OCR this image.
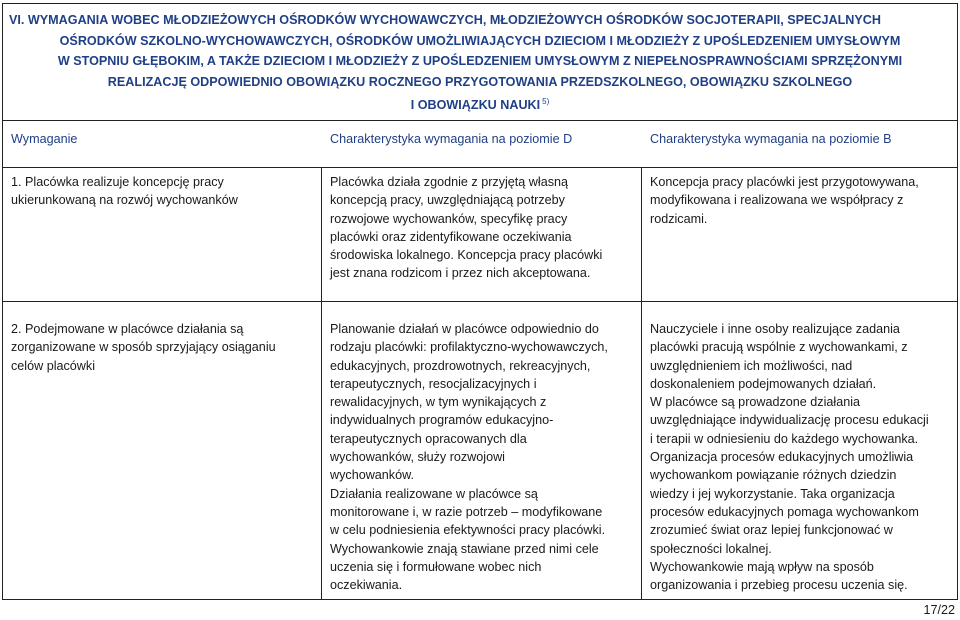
VI. WYMAGANIA WOBEC MŁODZIEŻOWYCH OŚRODKÓW WYCHOWAWCZYCH, MŁODZIEŻOWYCH OŚRODKÓW SOCJOTERAPII, SPECJALNYCH
OŚRODKÓW SZKOLNO-WYCHOWAWCZYCH, OŚRODKÓW UMOŻLIWIAJĄCYCH DZIECIOM I MŁODZIEŻY Z UPOŚLEDZENIEM UMYSŁOWYM
W STOPNIU GŁĘBOKIM, A TAKŻE DZIECIOM I MŁODZIEŻY Z UPOŚLEDZENIEM UMYSŁOWYM Z NIEPEŁNOSPRAWNOŚCIAMI SPRZĘŻONYMI
REALIZACJĘ ODPOWIEDNIO OBOWIĄZKU ROCZNEGO PRZYGOTOWANIA PRZEDSZKOLNEGO, OBOWIĄZKU SZKOLNEGO
I OBOWIĄZKU NAUKI $^{5)}$
Wymaganie	Charakterystyka wymagania na poziomie D	Charakterystyka wymagania na poziomie B
1. Placówka realizuje koncepcję pracy
ukierunkowaną na rozwój wychowanków
Placówka działa zgodnie z przyjętą własną
koncepcją pracy, uwzględniającą potrzeby
rozwojowe wychowanków, specyfikę pracy
placówki oraz zidentyfikowane oczekiwania
środowiska lokalnego. Koncepcja pracy placówki
jest znana rodzicom i przez nich akceptowana.
Koncepcja pracy placówki jest przygotowywana,
modyfikowana i realizowana we współpracy z
rodzicami.
2. Podejmowane w placówce działania są
zorganizowane w sposób sprzyjający osiąganiu
celów placówki
Planowanie działań w placówce odpowiednio do
rodzaju placówki: profilaktyczno-wychowawczych,
edukacyjnych, prozdrowotnych, rekreacyjnych,
terapeutycznych, resocjalizacyjnych i
rewalidacyjnych, w tym wynikających z
indywidualnych programów edukacyjno-
terapeutycznych opracowanych dla
wychowanków, służy rozwojowi
wychowanków.
Działania realizowane w placówce są
monitorowane i, w razie potrzeb – modyfikowane
w celu podniesienia efektywności pracy placówki.
Wychowankowie znają stawiane przed nimi cele
uczenia się i formułowane wobec nich
oczekiwania.
Nauczyciele i inne osoby realizujące zadania
placówki pracują wspólnie z wychowankami, z
uwzględnieniem ich możliwości, nad
doskonaleniem podejmowanych działań.
W placówce są prowadzone działania
uwzględniające indywidualizację procesu edukacji
i terapii w odniesieniu do każdego wychowanka.
Organizacja procesów edukacyjnych umożliwia
wychowankom powiązanie różnych dziedzin
wiedzy i jej wykorzystanie. Taka organizacja
procesów edukacyjnych pomaga wychowankom
zrozumieć świat oraz lepiej funkcjonować w
społeczności lokalnej.
Wychowankowie mają wpływ na sposób
organizowania i przebieg procesu uczenia się.
17/22
